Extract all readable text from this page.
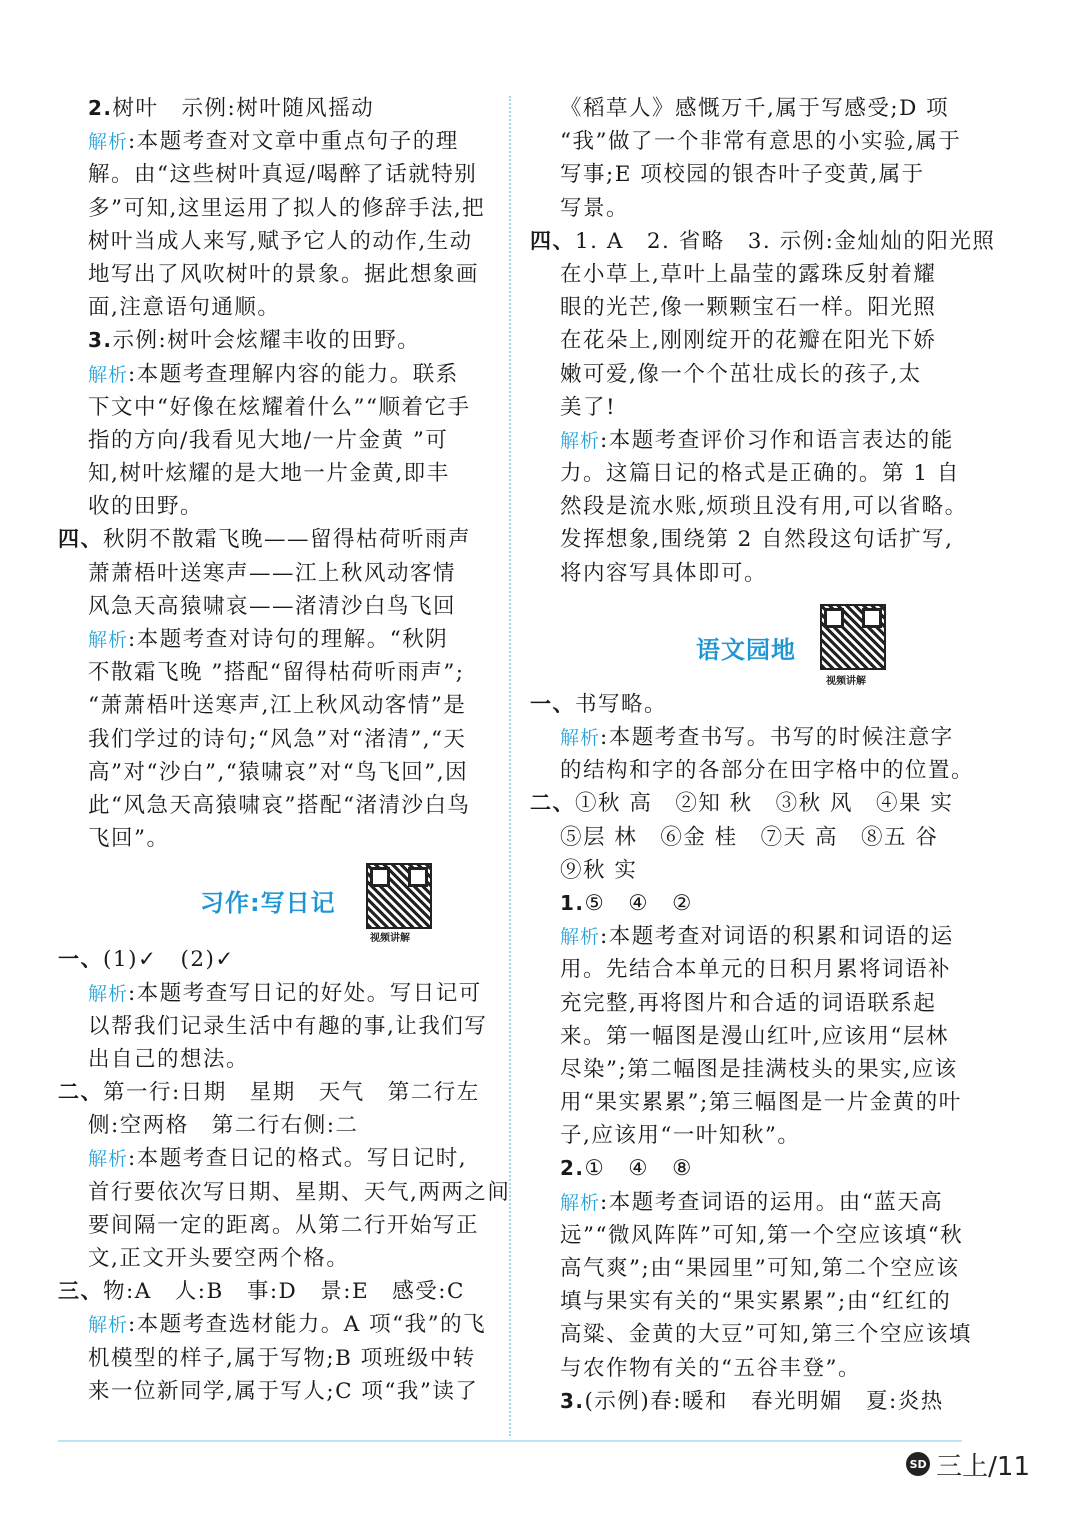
2.树叶　示例:树叶随风摇动
解析:本题考查对文章中重点句子的理
解。由“这些树叶真逗/喝醉了话就特别
多”可知,这里运用了拟人的修辞手法,把
树叶当成人来写,赋予它人的动作,生动
地写出了风吹树叶的景象。据此想象画
面,注意语句通顺。
3.示例:树叶会炫耀丰收的田野。
解析:本题考查理解内容的能力。联系
下文中“好像在炫耀着什么”“顺着它手
指的方向/我看见大地/一片金黄 ”可
知,树叶炫耀的是大地一片金黄,即丰
收的田野。
四、秋阴不散霜飞晚——留得枯荷听雨声
萧萧梧叶送寒声——江上秋风动客情
风急天高猿啸哀——渚清沙白鸟飞回
解析:本题考查对诗句的理解。“秋阴
不散霜飞晚 ”搭配“留得枯荷听雨声”;
“萧萧梧叶送寒声,江上秋风动客情”是
我们学过的诗句;“风急”对“渚清”,“天
高”对“沙白”,“猿啸哀”对“鸟飞回”,因
此“风急天高猿啸哀”搭配“渚清沙白鸟
飞回”。
习作:写日记
视频讲解
一、(1)✓　(2)✓
解析:本题考查写日记的好处。写日记可
以帮我们记录生活中有趣的事,让我们写
出自己的想法。
二、第一行:日期　星期　天气　第二行左
侧:空两格　第二行右侧:二
解析:本题考查日记的格式。写日记时,
首行要依次写日期、星期、天气,两两之间
要间隔一定的距离。从第二行开始写正
文,正文开头要空两个格。
三、物:A　人:B　事:D　景:E　感受:C
解析:本题考查选材能力。A 项“我”的飞
机模型的样子,属于写物;B 项班级中转
来一位新同学,属于写人;C 项“我”读了
《稻草人》感慨万千,属于写感受;D 项
“我”做了一个非常有意思的小实验,属于
写事;E 项校园的银杏叶子变黄,属于
写景。
四、1. A　2. 省略　3. 示例:金灿灿的阳光照
在小草上,草叶上晶莹的露珠反射着耀
眼的光芒,像一颗颗宝石一样。阳光照
在花朵上,刚刚绽开的花瓣在阳光下娇
嫩可爱,像一个个茁壮成长的孩子,太
美了!
解析:本题考查评价习作和语言表达的能
力。这篇日记的格式是正确的。第 1 自
然段是流水账,烦琐且没有用,可以省略。
发挥想象,围绕第 2 自然段这句话扩写,
将内容写具体即可。
语文园地
视频讲解
一、书写略。
解析:本题考查书写。书写的时候注意字
的结构和字的各部分在田字格中的位置。
二、①秋 高　②知 秋　③秋 风　④果 实
⑤层 林　⑥金 桂　⑦天 高　⑧五 谷
⑨秋 实
1.⑤　④　②
解析:本题考查对词语的积累和词语的运
用。先结合本单元的日积月累将词语补
充完整,再将图片和合适的词语联系起
来。第一幅图是漫山红叶,应该用“层林
尽染”;第二幅图是挂满枝头的果实,应该
用“果实累累”;第三幅图是一片金黄的叶
子,应该用“一叶知秋”。
2.①　④　⑧
解析:本题考查词语的运用。由“蓝天高
远”“微风阵阵”可知,第一个空应该填“秋
高气爽”;由“果园里”可知,第二个空应该
填与果实有关的“果实累累”;由“红红的
高粱、金黄的大豆”可知,第三个空应该填
与农作物有关的“五谷丰登”。
3.(示例)春:暖和　春光明媚　夏:炎热
SD 三上/11
